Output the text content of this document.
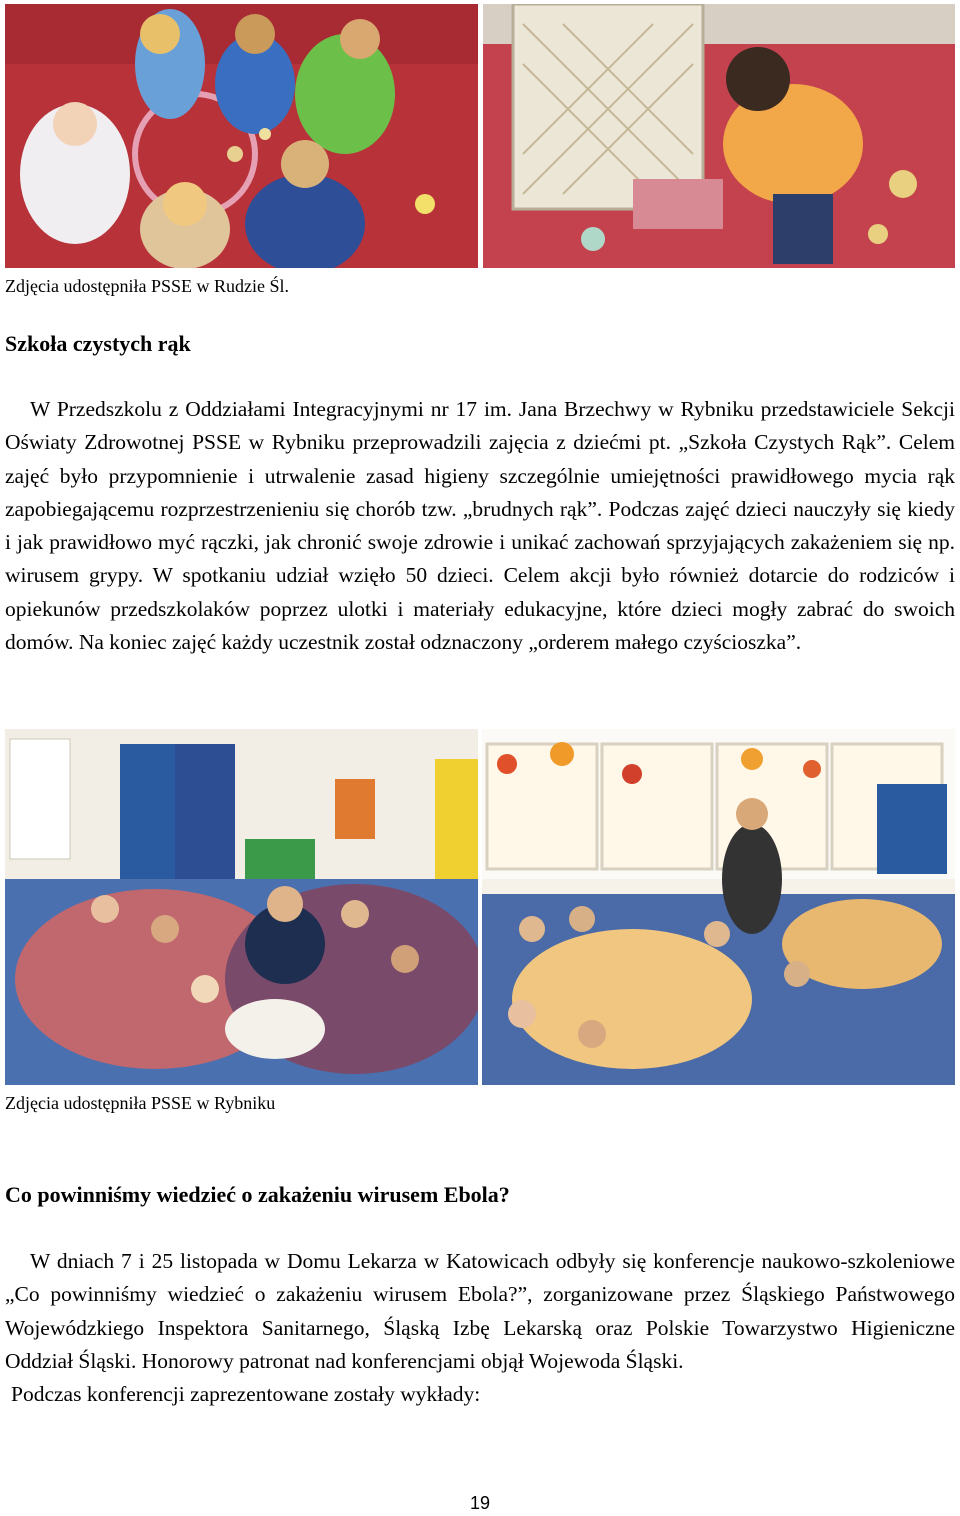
Zdjęcia udostępniła PSSE w Rudzie Śl.
Szkoła czystych rąk

W Przedszkolu z Oddziałami Integracyjnymi nr 17 im. Jana Brzechwy w Rybniku przedstawiciele Sekcji Oświaty Zdrowotnej PSSE w Rybniku przeprowadzili zajęcia z dziećmi pt. „Szkoła Czystych Rąk”. Celem zajęć było przypomnienie i utrwalenie zasad higieny szczególnie umiejętności prawidłowego mycia rąk zapobiegającemu rozprzestrzenieniu się chorób tzw. „brudnych rąk”. Podczas zajęć dzieci nauczyły się kiedy i jak prawidłowo myć rączki, jak chronić swoje zdrowie i unikać zachowań sprzyjających zakażeniem się np. wirusem grypy. W spotkaniu udział wzięło 50 dzieci. Celem akcji było również dotarcie do rodziców i opiekunów przedszkolaków poprzez ulotki i materiały edukacyjne, które dzieci mogły zabrać do swoich domów. Na koniec zajęć każdy uczestnik został odznaczony „orderem małego czyścioszka”.

Zdjęcia udostępniła PSSE w Rybniku
Co powinniśmy wiedzieć o zakażeniu wirusem Ebola?

W dniach 7 i 25 listopada w Domu Lekarza w Katowicach odbyły się konferencje naukowo-szkoleniowe „Co powinniśmy wiedzieć o zakażeniu wirusem Ebola?”, zorganizowane przez Śląskiego Państwowego Wojewódzkiego Inspektora Sanitarnego, Śląską Izbę Lekarską oraz Polskie Towarzystwo Higieniczne Oddział Śląski. Honorowy patronat nad konferencjami objął Wojewoda Śląski.

Podczas konferencji zaprezentowane zostały wykłady:

19
